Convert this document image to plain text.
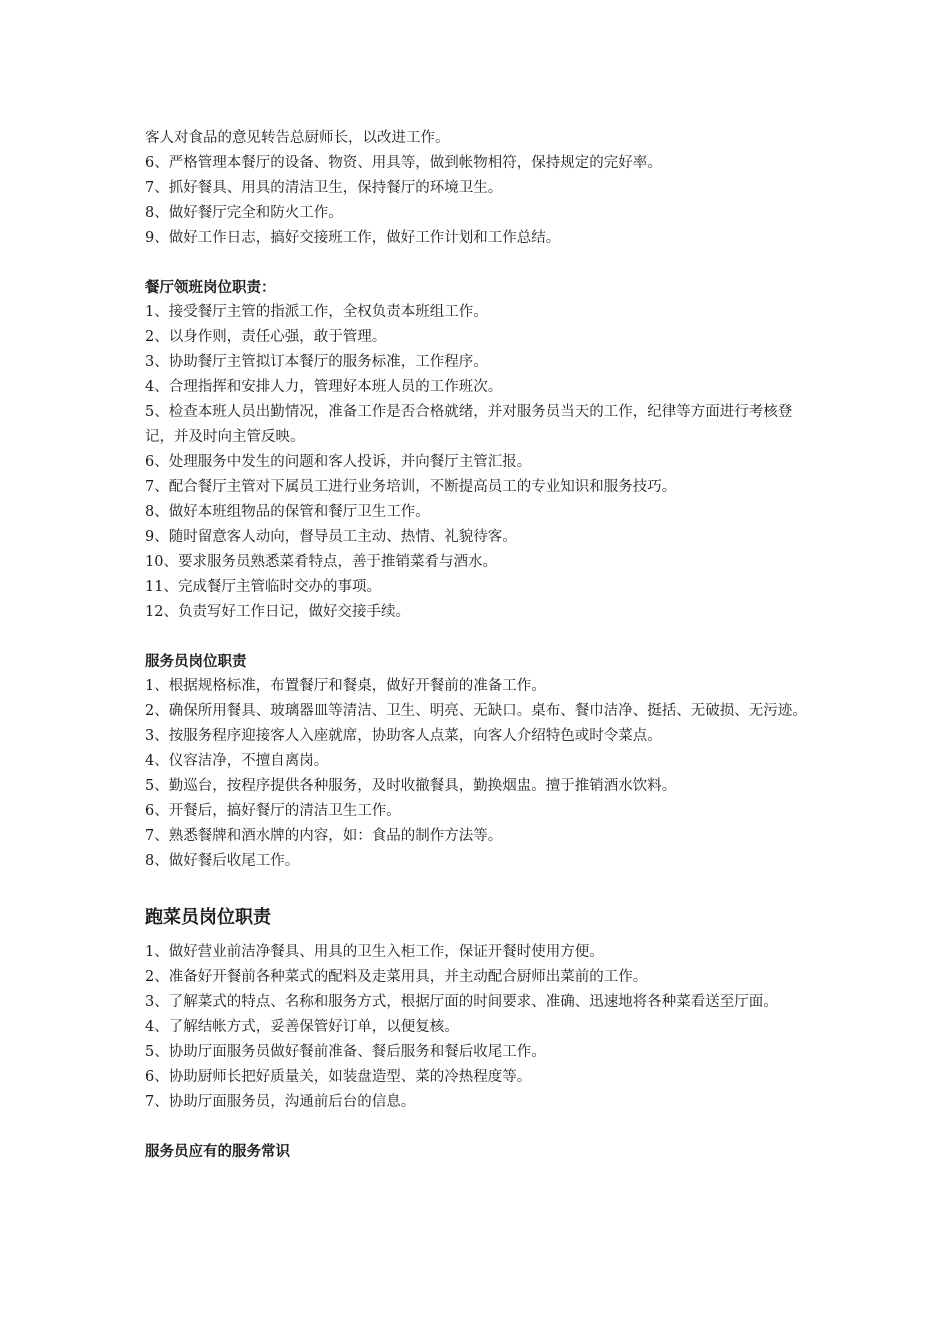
客人对食品的意见转告总厨师长，以改进工作。
6、严格管理本餐厅的设备、物资、用具等，做到帐物相符，保持规定的完好率。
7、抓好餐具、用具的清洁卫生，保持餐厅的环境卫生。
8、做好餐厅完全和防火工作。
9、做好工作日志，搞好交接班工作，做好工作计划和工作总结。
餐厅领班岗位职责：
1、接受餐厅主管的指派工作，全权负责本班组工作。
2、以身作则，责任心强，敢于管理。
3、协助餐厅主管拟订本餐厅的服务标准，工作程序。
4、合理指挥和安排人力，管理好本班人员的工作班次。
5、检查本班人员出勤情况，准备工作是否合格就绪，并对服务员当天的工作，纪律等方面进行考核登记，并及时向主管反映。
6、处理服务中发生的问题和客人投诉，并向餐厅主管汇报。
7、配合餐厅主管对下属员工进行业务培训，不断提高员工的专业知识和服务技巧。
8、做好本班组物品的保管和餐厅卫生工作。
9、随时留意客人动向，督导员工主动、热情、礼貌待客。
10、要求服务员熟悉菜肴特点，善于推销菜肴与酒水。
11、完成餐厅主管临时交办的事项。
12、负责写好工作日记，做好交接手续。
服务员岗位职责
1、根据规格标准，布置餐厅和餐桌，做好开餐前的准备工作。
2、确保所用餐具、玻璃器皿等清洁、卫生、明亮、无缺口。桌布、餐巾洁净、挺括、无破损、无污迹。
3、按服务程序迎接客人入座就席，协助客人点菜，向客人介绍特色或时令菜点。
4、仪容洁净，不擅自离岗。
5、勤巡台，按程序提供各种服务，及时收撤餐具，勤换烟盅。擅于推销酒水饮料。
6、开餐后，搞好餐厅的清洁卫生工作。
7、熟悉餐牌和酒水牌的内容，如：食品的制作方法等。
8、做好餐后收尾工作。
跑菜员岗位职责
1、做好营业前洁净餐具、用具的卫生入柜工作，保证开餐时使用方便。
2、准备好开餐前各种菜式的配料及走菜用具，并主动配合厨师出菜前的工作。
3、了解菜式的特点、名称和服务方式，根据厅面的时间要求、准确、迅速地将各种菜看送至厅面。
4、了解结帐方式，妥善保管好订单，以便复核。
5、协助厅面服务员做好餐前准备、餐后服务和餐后收尾工作。
6、协助厨师长把好质量关，如装盘造型、菜的冷热程度等。
7、协助厅面服务员，沟通前后台的信息。
服务员应有的服务常识
